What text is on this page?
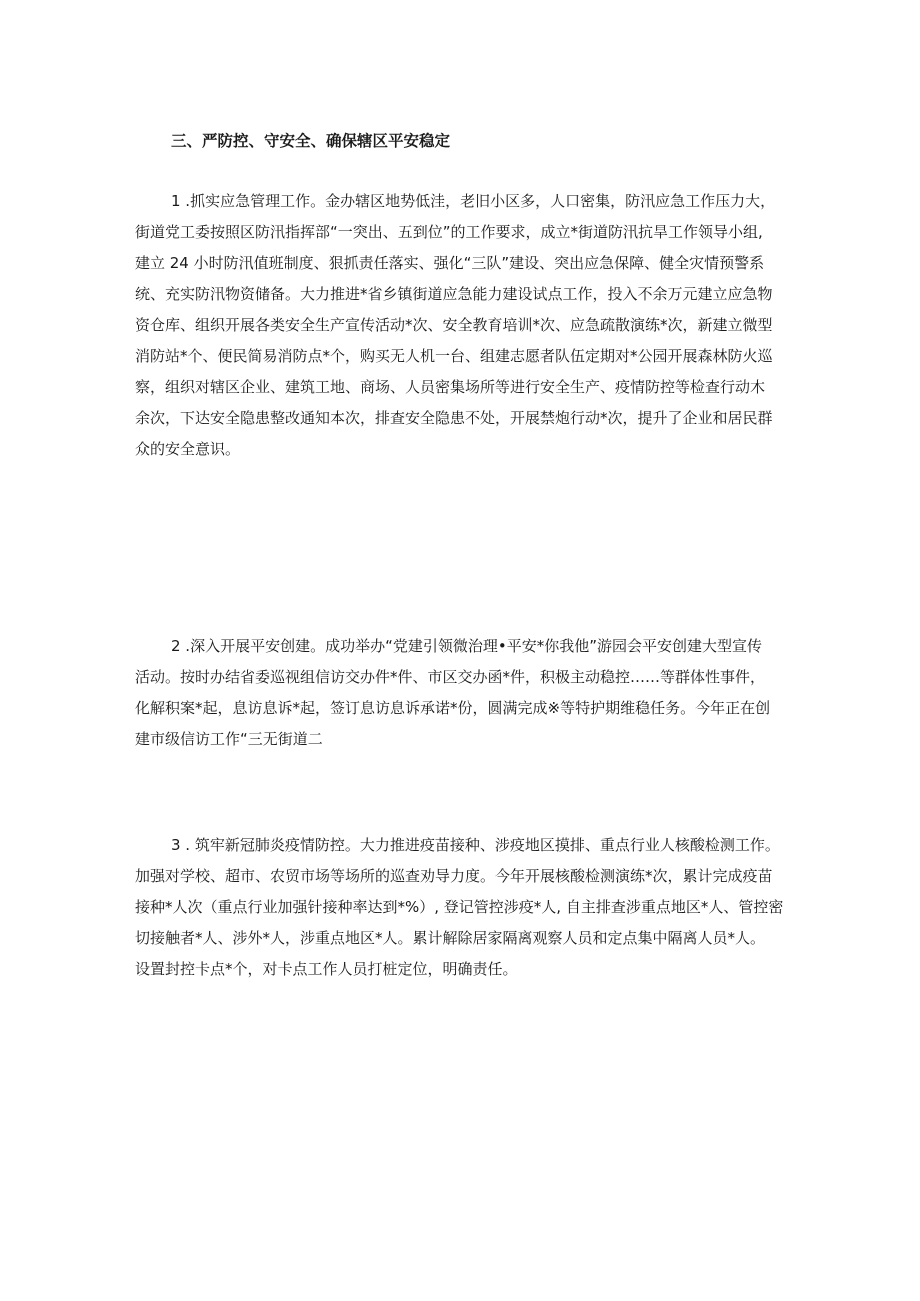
三、严防控、守安全、确保辖区平安稳定
1 .抓实应急管理工作。金办辖区地势低洼，老旧小区多，人口密集，防汛应急工作压力大，
街道党工委按照区防汛指挥部“一突出、五到位”的工作要求，成立*街道防汛抗旱工作领导小组,
建立 24 小时防汛值班制度、狠抓责任落实、强化“三队”建设、突出应急保障、健全灾情预警系
统、充实防汛物资储备。大力推进*省乡镇街道应急能力建设试点工作，投入不余万元建立应急物
资仓库、组织开展各类安全生产宣传活动*次、安全教育培训*次、应急疏散演练*次，新建立微型
消防站*个、便民简易消防点*个，购买无人机一台、组建志愿者队伍定期对*公园开展森林防火巡
察，组织对辖区企业、建筑工地、商场、人员密集场所等进行安全生产、疫情防控等检查行动木
余次，下达安全隐患整改通知本次，排查安全隐患不处，开展禁炮行动*次，提升了企业和居民群
众的安全意识。
2 .深入开展平安创建。成功举办“党建引领微治理•平安*你我他”游园会平安创建大型宣传
活动。按时办结省委巡视组信访交办件*件、市区交办函*件，积极主动稳控……等群体性事件，
化解积案*起，息访息诉*起，签订息访息诉承诺*份，圆满完成※等特护期维稳任务。今年正在创
建市级信访工作“三无街道二
3 . 筑牢新冠肺炎疫情防控。大力推进疫苗接种、涉疫地区摸排、重点行业人核酸检测工作。
加强对学校、超市、农贸市场等场所的巡查劝导力度。今年开展核酸检测演练*次，累计完成疫苗
接种*人次（重点行业加强针接种率达到*%）, 登记管控涉疫*人, 自主排查涉重点地区*人、管控密
切接触者*人、涉外*人，涉重点地区*人。累计解除居家隔离观察人员和定点集中隔离人员*人。
设置封控卡点*个，对卡点工作人员打桩定位，明确责任。
